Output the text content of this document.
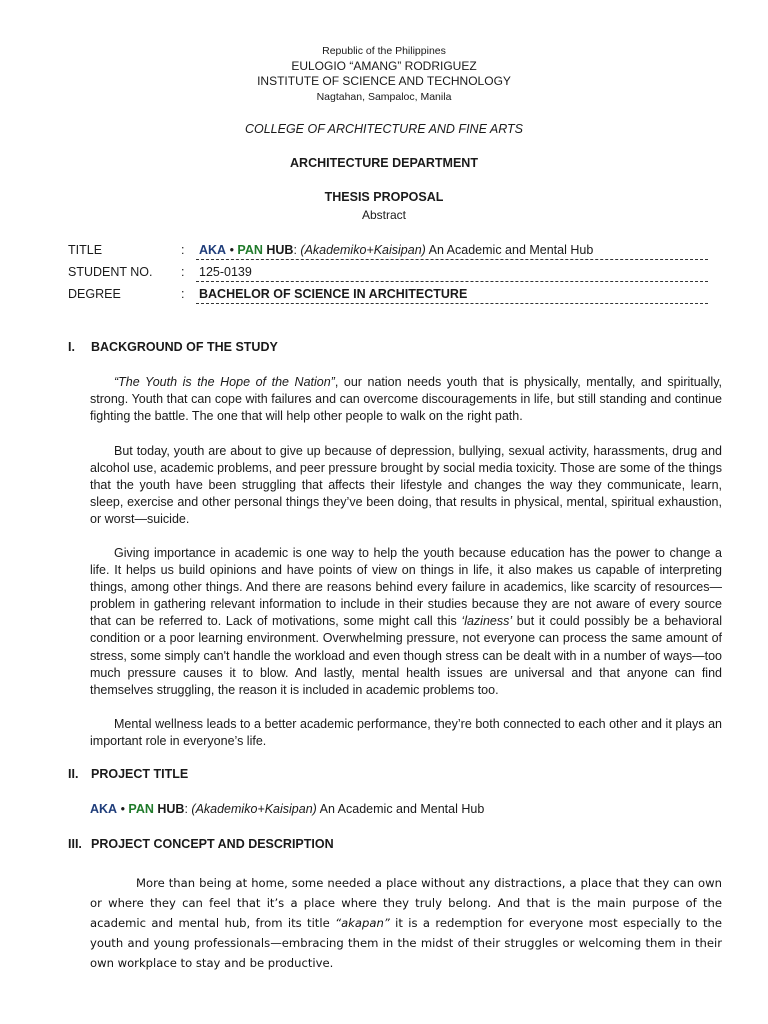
Republic of the Philippines
EULOGIO “AMANG” RODRIGUEZ
INSTITUTE OF SCIENCE AND TECHNOLOGY
Nagtahan, Sampaloc, Manila
COLLEGE OF ARCHITECTURE AND FINE ARTS
ARCHITECTURE DEPARTMENT
THESIS PROPOSAL
Abstract
TITLE	: AKA • PAN HUB: (Akademiko+Kaisipan) An Academic and Mental Hub
STUDENT NO. : 125-0139
DEGREE	: BACHELOR OF SCIENCE IN ARCHITECTURE
I. BACKGROUND OF THE STUDY

“The Youth is the Hope of the Nation”, our nation needs youth that is physically, mentally, and spiritually, strong. Youth that can cope with failures and can overcome discouragements in life, but still standing and continue fighting the battle. The one that will help other people to walk on the right path.

But today, youth are about to give up because of depression, bullying, sexual activity, harassments, drug and alcohol use, academic problems, and peer pressure brought by social media toxicity. Those are some of the things that the youth have been struggling that affects their lifestyle and changes the way they communicate, learn, sleep, exercise and other personal things they’ve been doing, that results in physical, mental, spiritual exhaustion, or worst—suicide.

Giving importance in academic is one way to help the youth because education has the power to change a life. It helps us build opinions and have points of view on things in life, it also makes us capable of interpreting things, among other things. And there are reasons behind every failure in academics, like scarcity of resources—problem in gathering relevant information to include in their studies because they are not aware of every source that can be referred to. Lack of motivations, some might call this ‘laziness’ but it could possibly be a behavioral condition or a poor learning environment. Overwhelming pressure, not everyone can process the same amount of stress, some simply can't handle the workload and even though stress can be dealt with in a number of ways—too much pressure causes it to blow. And lastly, mental health issues are universal and that anyone can find themselves struggling, the reason it is included in academic problems too.

Mental wellness leads to a better academic performance, they’re both connected to each other and it plays an important role in everyone’s life.

II. PROJECT TITLE
AKA • PAN HUB: (Akademiko+Kaisipan) An Academic and Mental Hub
III. PROJECT CONCEPT AND DESCRIPTION

More than being at home, some needed a place without any distractions, a place that they can own or where they can feel that it’s a place where they truly belong. And that is the main purpose of the academic and mental hub, from its title “akapan” it is a redemption for everyone most especially to the youth and young professionals—embracing them in the midst of their struggles or welcoming them in their own workplace to stay and be productive.
